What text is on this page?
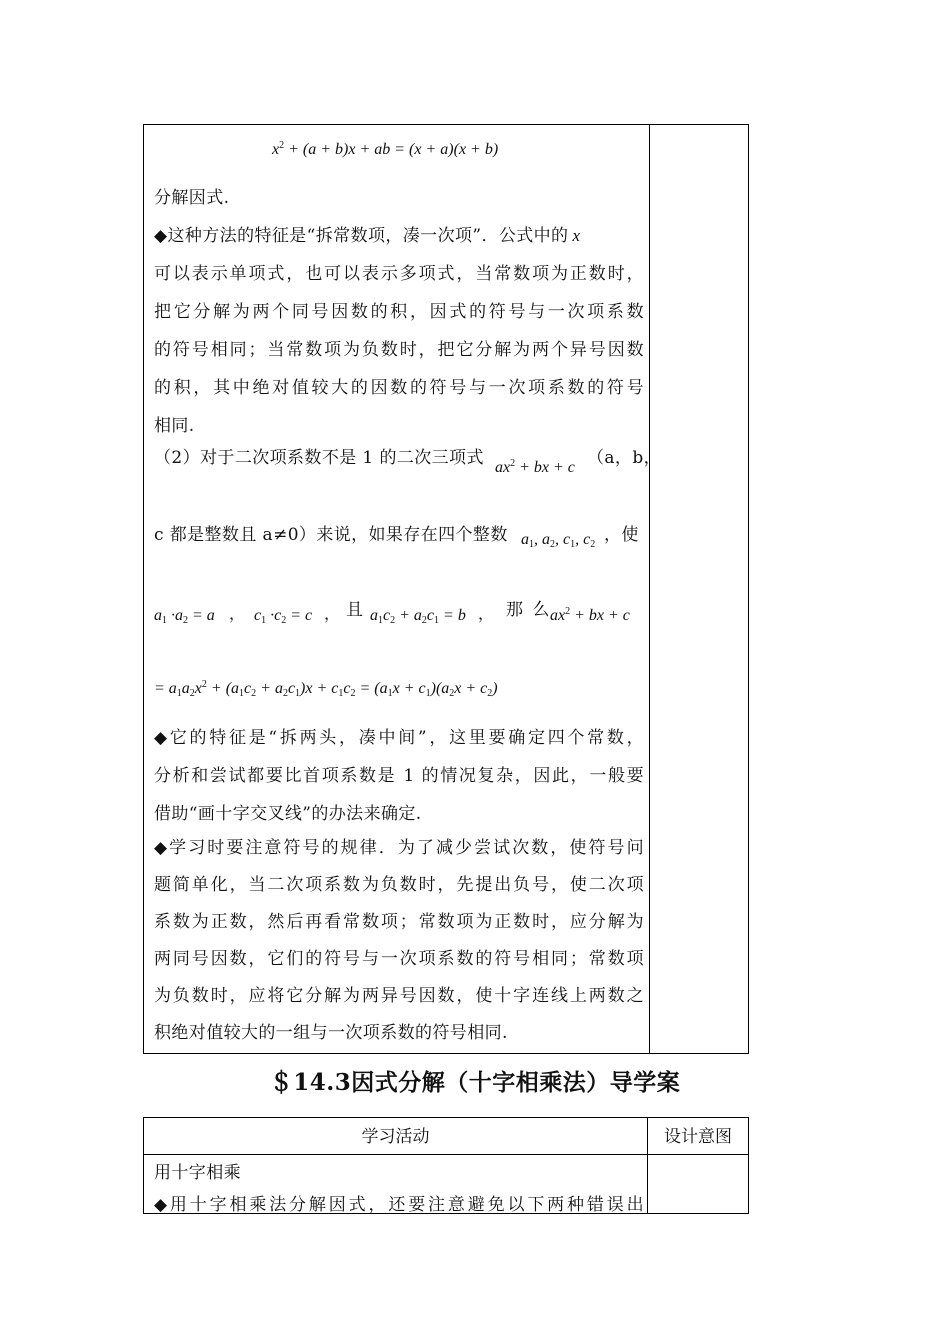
$x^2 + (a + b)x$ + ab = (x + a)(x + b)
分解因式.
◆这种方法的特征是“拆常数项，凑一次项”．公式中的 x
可以表示单项式，也可以表示多项式，当常数项为正数时，
把它分解为两个同号因数的积，因式的符号与一次项系数
的符号相同；当常数项为负数时，把它分解为两个异号因数
的积，其中绝对值较大的因数的符号与一次项系数的符号
相同.
（2）对于二次项系数不是 1 的二次三项式 $ax^2$ + bx + c （a，b，
c 都是整数且 a≠0）来说，如果存在四个整数 $a_1$, $a_2$, $c_1$, $c_2$ ，使
$a_1 \cdot a_2 = a$ ， $c_1 \cdot c_2 = c$ ， 且 $a_1c_2 + a_2c_1 = b$ ， 那 么
$ax^2$ + bx + c
= $a_1a_2x^2 + (a_1c_2 + a_2c_1)x + c_1c_2 = (a_1x + c_1)(a_2x + c_2)$
◆它的特征是“拆两头，凑中间”，这里要确定四个常数，
分析和尝试都要比首项系数是 1 的情况复杂，因此，一般要
借助“画十字交叉线”的办法来确定.
◆学习时要注意符号的规律．为了减少尝试次数，使符号问
题简单化，当二次项系数为负数时，先提出负号，使二次项
系数为正数，然后再看常数项；常数项为正数时，应分解为
两同号因数，它们的符号与一次项系数的符号相同；常数项
为负数时，应将它分解为两异号因数，使十字连线上两数之
积绝对值较大的一组与一次项系数的符号相同.
＄14.3因式分解（十字相乘法）导学案
学习活动	设计意图
用十字相乘
◆用十字相乘法分解因式，还要注意避免以下两种错误出
